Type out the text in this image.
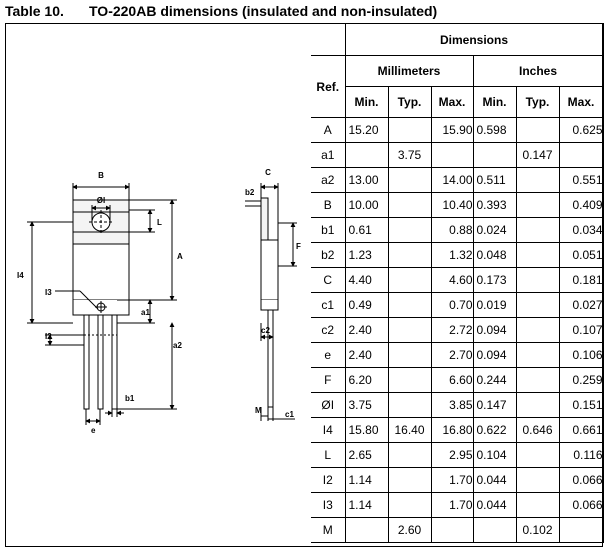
Table 10. TO-220AB dimensions (insulated and non-insulated)
B
ØI
L
A
I4
I3
I2
a1
a2
e
b1
C
b2
F
c2
M	c1
	Dimensions					
Ref.	Millimeters			Inches		
	Min.	Typ.	Max.	Min.	Typ.	Max.
A	15.20		15.90	0.598		0.625
a1		3.75			0.147	
a2	13.00		14.00	0.511		0.551
B	10.00		10.40	0.393		0.409
b1	0.61		0.88	0.024		0.034
b2	1.23		1.32	0.048		0.051
C	4.40		4.60	0.173		0.181
c1	0.49		0.70	0.019		0.027
c2	2.40		2.72	0.094		0.107
e	2.40		2.70	0.094		0.106
F	6.20		6.60	0.244		0.259
ØI	3.75		3.85	0.147		0.151
I4	15.80	16.40	16.80	0.622	0.646	0.661
L	2.65		2.95	0.104		0.116
I2	1.14		1.70	0.044		0.066
I3	1.14		1.70	0.044		0.066
M		2.60			0.102	
